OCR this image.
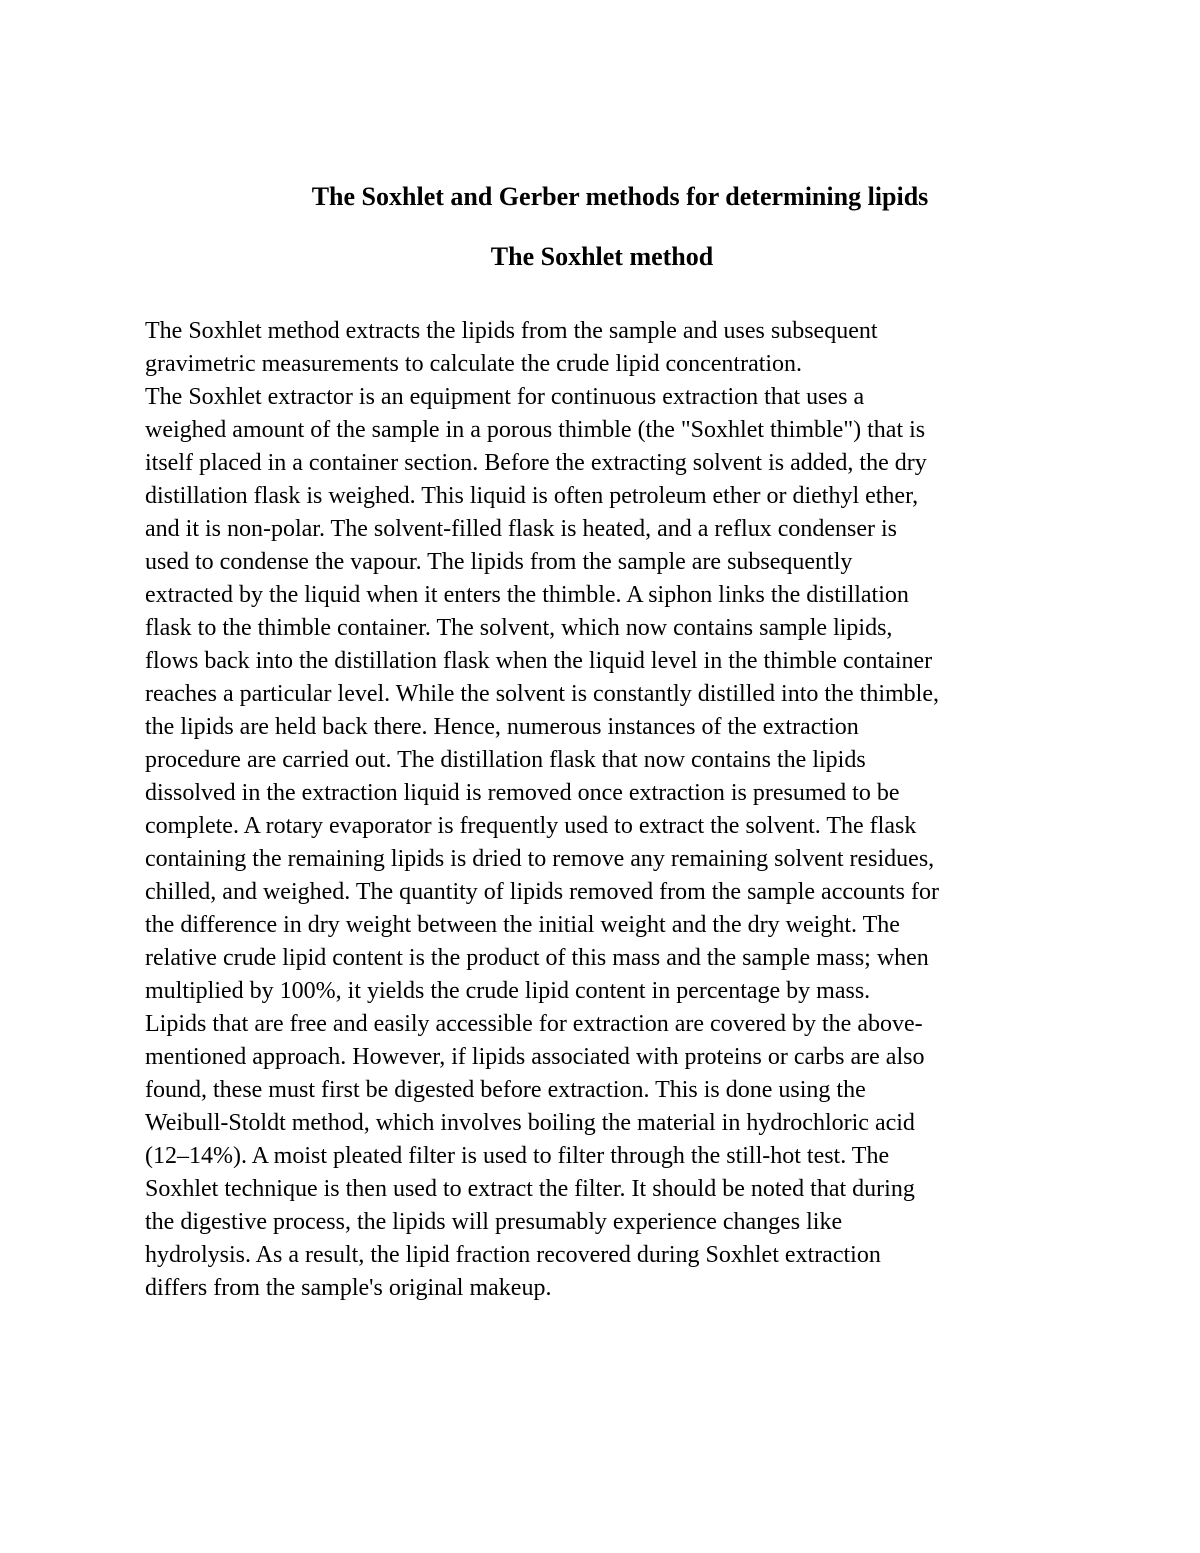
The Soxhlet and Gerber methods for determining lipids
The Soxhlet method
The Soxhlet method extracts the lipids from the sample and uses subsequent
gravimetric measurements to calculate the crude lipid concentration.
The Soxhlet extractor is an equipment for continuous extraction that uses a
weighed amount of the sample in a porous thimble (the "Soxhlet thimble") that is
itself placed in a container section. Before the extracting solvent is added, the dry
distillation flask is weighed. This liquid is often petroleum ether or diethyl ether,
and it is non-polar. The solvent-filled flask is heated, and a reflux condenser is
used to condense the vapour. The lipids from the sample are subsequently
extracted by the liquid when it enters the thimble. A siphon links the distillation
flask to the thimble container. The solvent, which now contains sample lipids,
flows back into the distillation flask when the liquid level in the thimble container
reaches a particular level. While the solvent is constantly distilled into the thimble,
the lipids are held back there. Hence, numerous instances of the extraction
procedure are carried out. The distillation flask that now contains the lipids
dissolved in the extraction liquid is removed once extraction is presumed to be
complete. A rotary evaporator is frequently used to extract the solvent. The flask
containing the remaining lipids is dried to remove any remaining solvent residues,
chilled, and weighed. The quantity of lipids removed from the sample accounts for
the difference in dry weight between the initial weight and the dry weight. The
relative crude lipid content is the product of this mass and the sample mass; when
multiplied by 100%, it yields the crude lipid content in percentage by mass.
Lipids that are free and easily accessible for extraction are covered by the above-
mentioned approach. However, if lipids associated with proteins or carbs are also
found, these must first be digested before extraction. This is done using the
Weibull-Stoldt method, which involves boiling the material in hydrochloric acid
(12–14%). A moist pleated filter is used to filter through the still-hot test. The
Soxhlet technique is then used to extract the filter. It should be noted that during
the digestive process, the lipids will presumably experience changes like
hydrolysis. As a result, the lipid fraction recovered during Soxhlet extraction
differs from the sample's original makeup.
